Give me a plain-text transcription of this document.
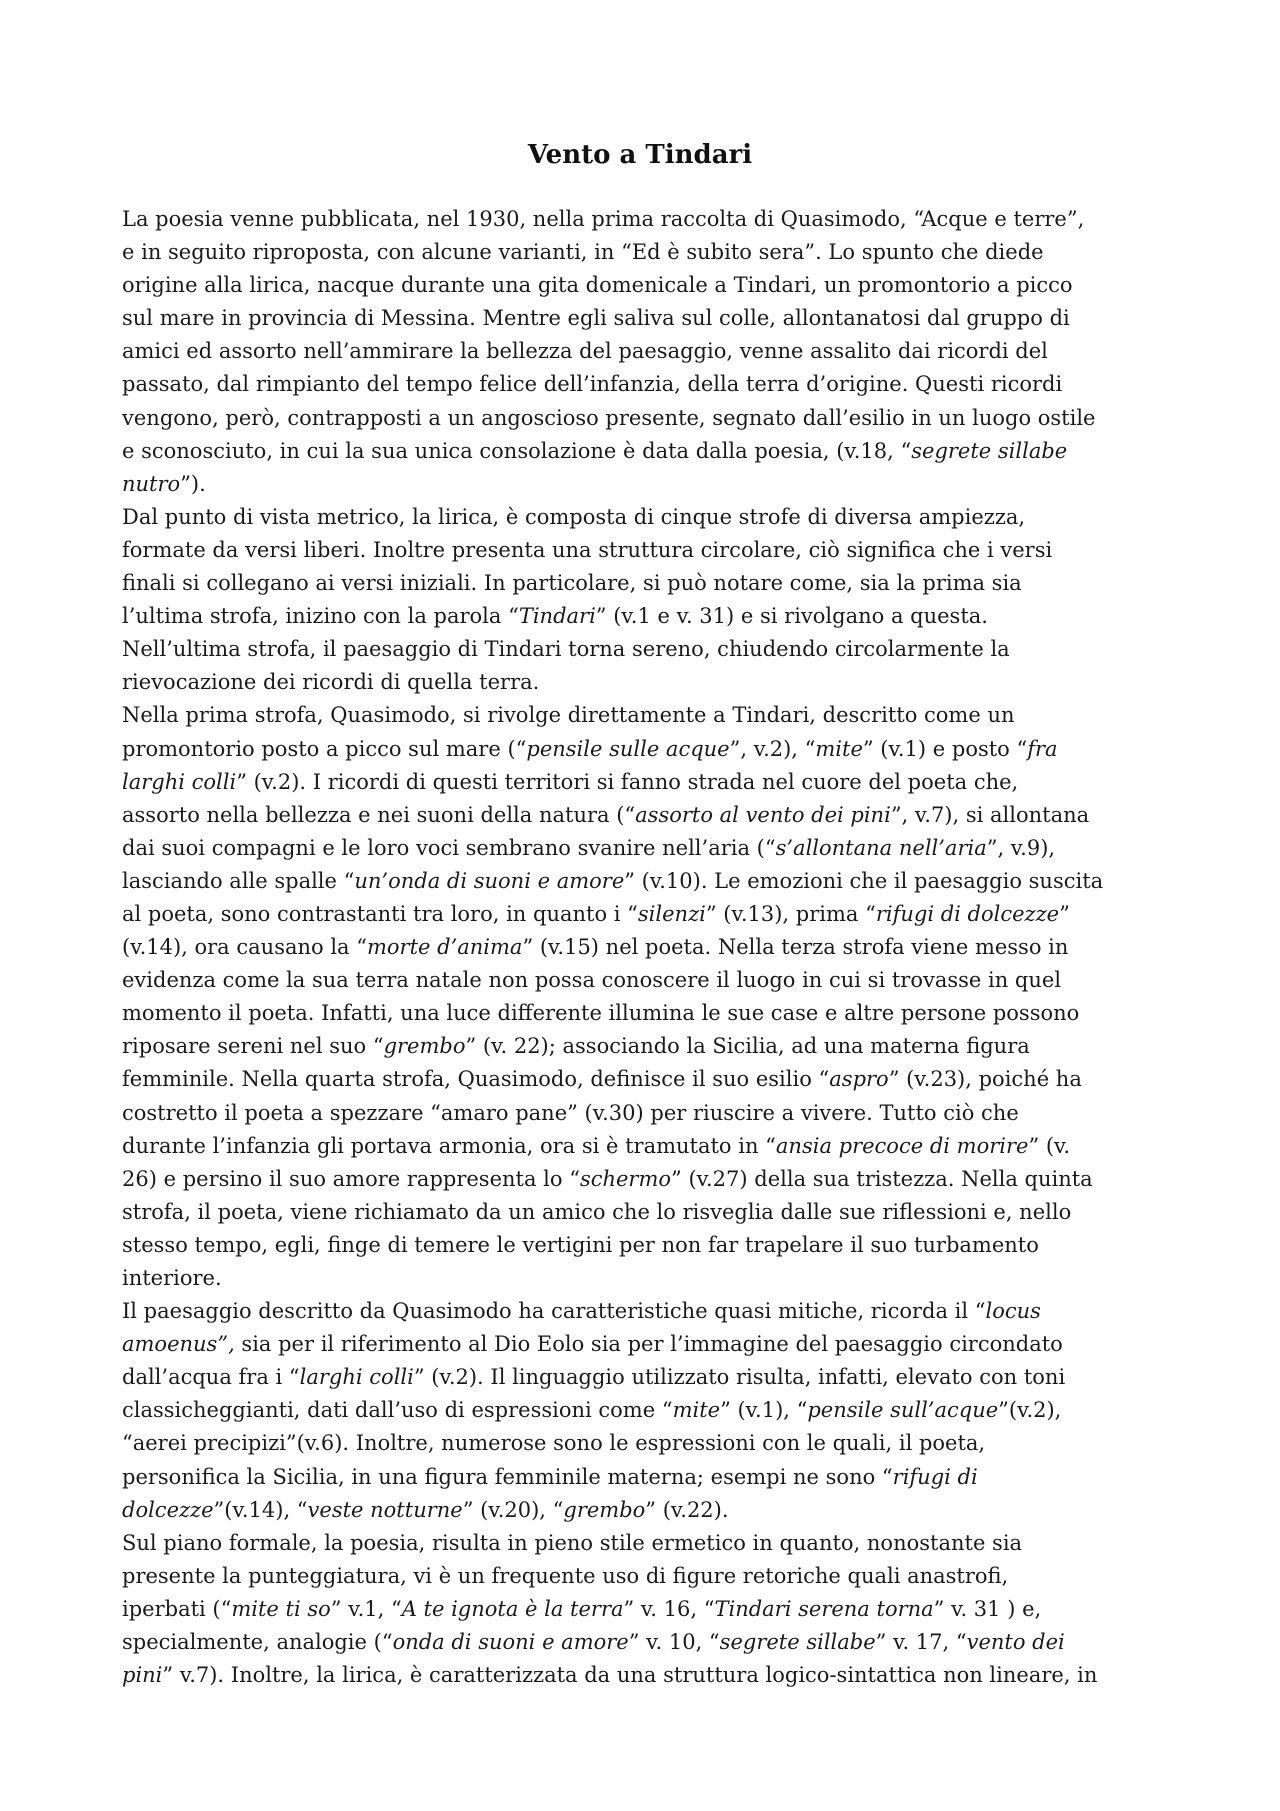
Vento a Tindari
La poesia venne pubblicata, nel 1930, nella prima raccolta di Quasimodo, “Acque e terre”,
e in seguito riproposta, con alcune varianti, in “Ed è subito sera”. Lo spunto che diede
origine alla lirica, nacque durante una gita domenicale a Tindari, un promontorio a picco
sul mare in provincia di Messina. Mentre egli saliva sul colle, allontanatosi dal gruppo di
amici ed assorto nell’ammirare la bellezza del paesaggio, venne assalito dai ricordi del
passato, dal rimpianto del tempo felice dell’infanzia, della terra d’origine. Questi ricordi
vengono, però, contrapposti a un angoscioso presente, segnato dall’esilio in un luogo ostile
e sconosciuto, in cui la sua unica consolazione è data dalla poesia, (v.18, “segrete sillabe
nutro”).
Dal punto di vista metrico, la lirica, è composta di cinque strofe di diversa ampiezza,
formate da versi liberi. Inoltre presenta una struttura circolare, ciò significa che i versi
finali si collegano ai versi iniziali. In particolare, si può notare come, sia la prima sia
l’ultima strofa, inizino con la parola “Tindari” (v.1 e v. 31) e si rivolgano a questa.
Nell’ultima strofa, il paesaggio di Tindari torna sereno, chiudendo circolarmente la
rievocazione dei ricordi di quella terra.
Nella prima strofa, Quasimodo, si rivolge direttamente a Tindari, descritto come un
promontorio posto a picco sul mare (“pensile sulle acque”, v.2), “mite” (v.1) e posto “fra
larghi colli” (v.2). I ricordi di questi territori si fanno strada nel cuore del poeta che,
assorto nella bellezza e nei suoni della natura (“assorto al vento dei pini”, v.7), si allontana
dai suoi compagni e le loro voci sembrano svanire nell’aria (“s’allontana nell’aria”, v.9),
lasciando alle spalle “un’onda di suoni e amore” (v.10). Le emozioni che il paesaggio suscita
al poeta, sono contrastanti tra loro, in quanto i “silenzi” (v.13), prima “rifugi di dolcezze”
(v.14), ora causano la “morte d’anima” (v.15) nel poeta. Nella terza strofa viene messo in
evidenza come la sua terra natale non possa conoscere il luogo in cui si trovasse in quel
momento il poeta. Infatti, una luce differente illumina le sue case e altre persone possono
riposare sereni nel suo “grembo” (v. 22); associando la Sicilia, ad una materna figura
femminile. Nella quarta strofa, Quasimodo, definisce il suo esilio “aspro” (v.23), poiché ha
costretto il poeta a spezzare “amaro pane” (v.30) per riuscire a vivere. Tutto ciò che
durante l’infanzia gli portava armonia, ora si è tramutato in “ansia precoce di morire” (v.
26) e persino il suo amore rappresenta lo “schermo” (v.27) della sua tristezza. Nella quinta
strofa, il poeta, viene richiamato da un amico che lo risveglia dalle sue riflessioni e, nello
stesso tempo, egli, finge di temere le vertigini per non far trapelare il suo turbamento
interiore.
Il paesaggio descritto da Quasimodo ha caratteristiche quasi mitiche, ricorda il “locus
amoenus”, sia per il riferimento al Dio Eolo sia per l’immagine del paesaggio circondato
dall’acqua fra i “larghi colli” (v.2). Il linguaggio utilizzato risulta, infatti, elevato con toni
classicheggianti, dati dall’uso di espressioni come “mite” (v.1), “pensile sull’acque”(v.2),
“aerei precipizi”(v.6). Inoltre, numerose sono le espressioni con le quali, il poeta,
personifica la Sicilia, in una figura femminile materna; esempi ne sono “rifugi di
dolcezze”(v.14), “veste notturne” (v.20), “grembo” (v.22).
Sul piano formale, la poesia, risulta in pieno stile ermetico in quanto, nonostante sia
presente la punteggiatura, vi è un frequente uso di figure retoriche quali anastrofi,
iperbati (“mite ti so” v.1, “A te ignota è la terra” v. 16, “Tindari serena torna” v. 31 ) e,
specialmente, analogie (“onda di suoni e amore” v. 10, “segrete sillabe” v. 17, “vento dei
pini” v.7). Inoltre, la lirica, è caratterizzata da una struttura logico-sintattica non lineare, in
